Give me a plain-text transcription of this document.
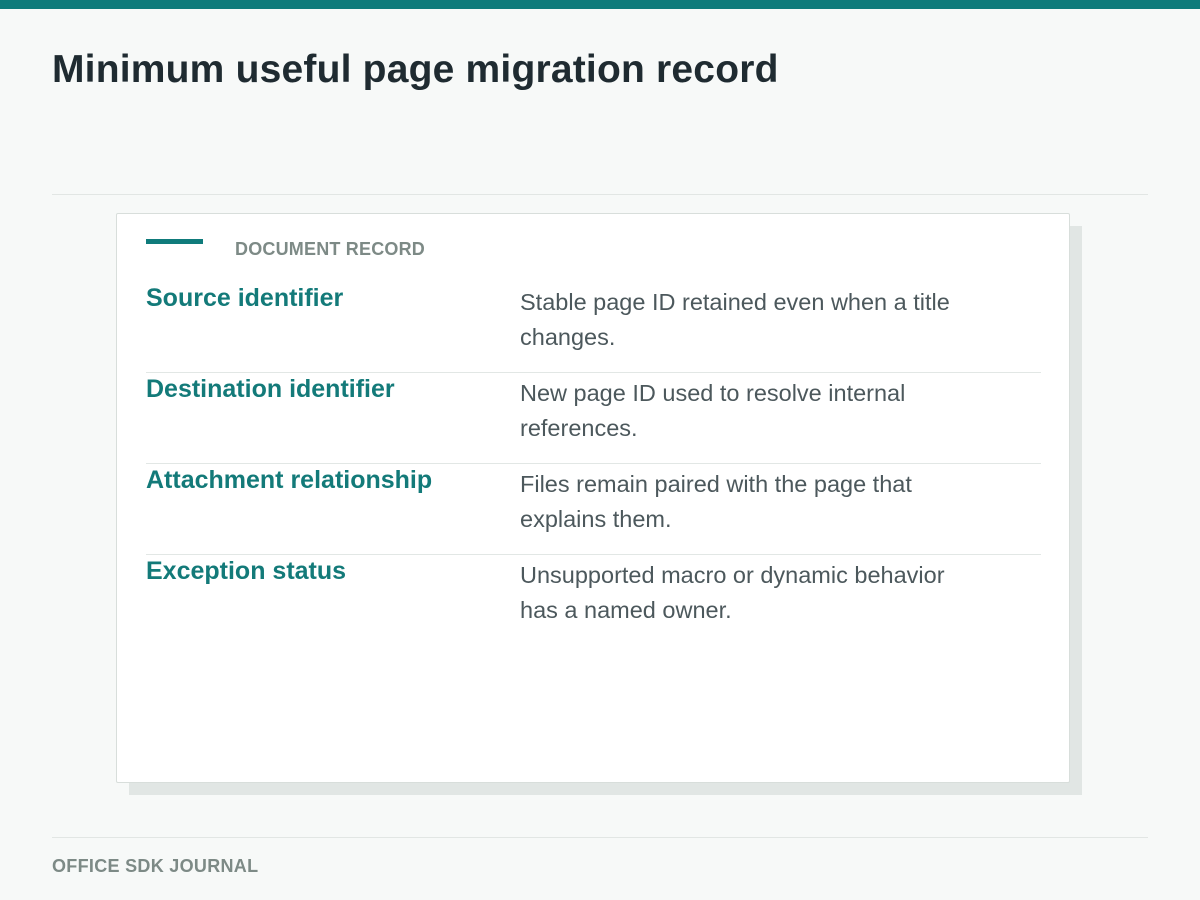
Minimum useful page migration record
DOCUMENT RECORD
Source identifier	Stable page ID retained even when a title changes.
Destination identifier	New page ID used to resolve internal references.
Attachment relationship	Files remain paired with the page that explains them.
Exception status	Unsupported macro or dynamic behavior has a named owner.
OFFICE SDK JOURNAL
